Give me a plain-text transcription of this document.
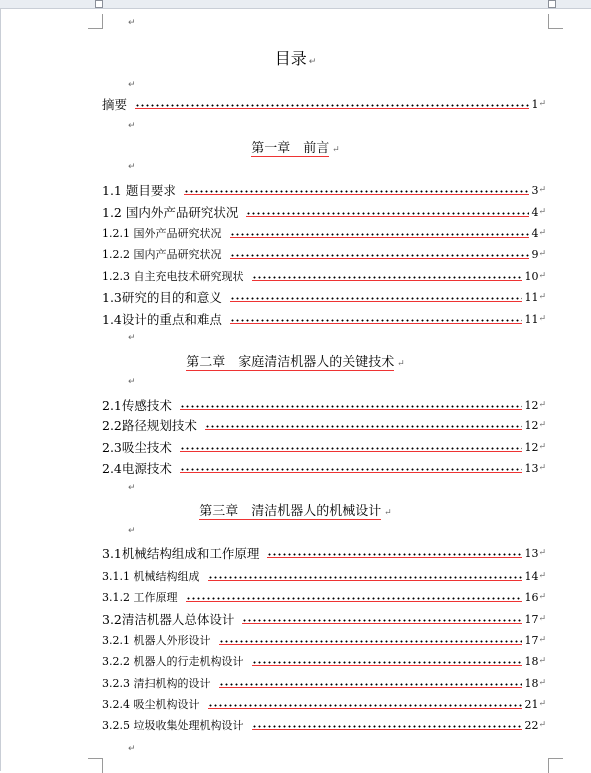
目录 ↵
摘要	1 ↵
第一章　前言 ↵
1.1 题目要求	3 ↵
1.2 国内外产品研究状况	4 ↵
1.2.1 国外产品研究状况	4 ↵
1.2.2 国内产品研究状况	9 ↵
1.2.3 自主充电技术研究现状	10 ↵
1.3研究的目的和意义	11 ↵
1.4设计的重点和难点	11 ↵
第二章　家庭清洁机器人的关键技术 ↵
2.1传感技术	12 ↵
2.2路径规划技术	12 ↵
2.3吸尘技术	12 ↵
2.4电源技术	13 ↵
第三章　清洁机器人的机械设计 ↵
3.1机械结构组成和工作原理	13 ↵
3.1.1 机械结构组成	14 ↵
3.1.2 工作原理	16 ↵
3.2清洁机器人总体设计	17 ↵
3.2.1 机器人外形设计	17 ↵
3.2.2 机器人的行走机构设计	18 ↵
3.2.3 清扫机构的设计	18 ↵
3.2.4 吸尘机构设计	21 ↵
3.2.5 垃圾收集处理机构设计	22 ↵
↵
↵
↵
↵
↵
↵
↵
↵
↵
